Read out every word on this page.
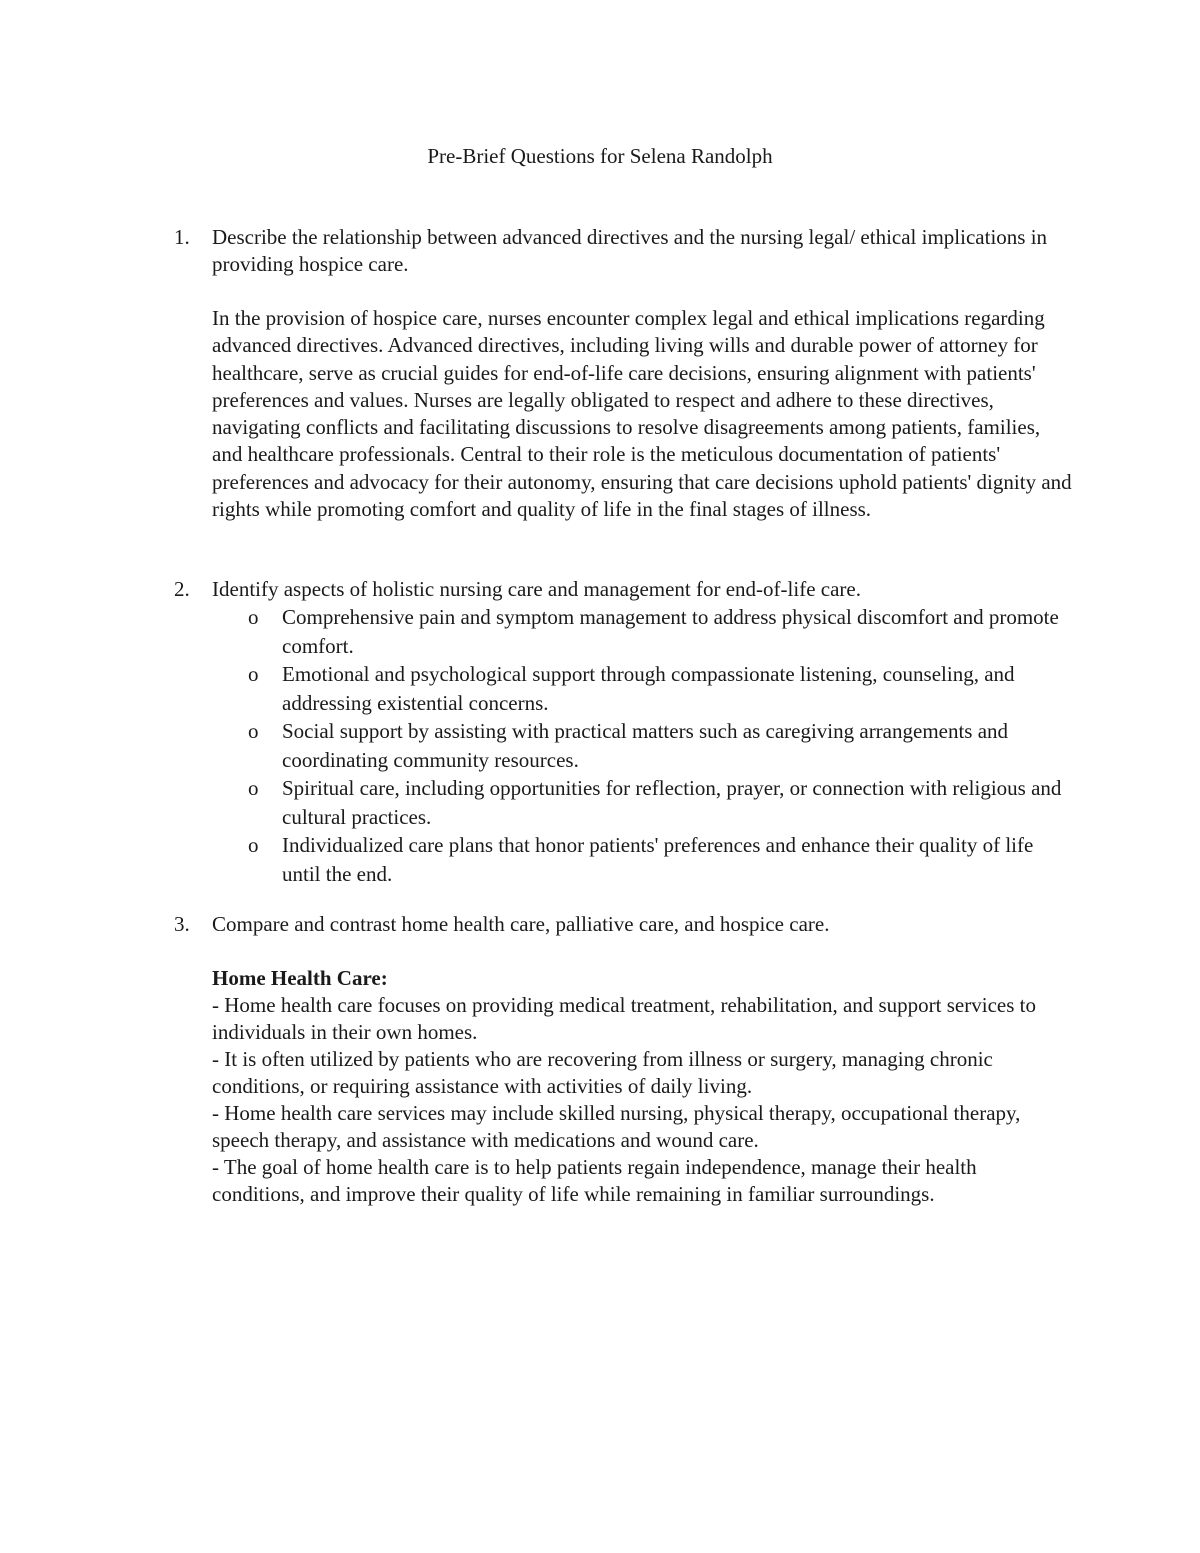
Pre-Brief Questions for Selena Randolph
1.	Describe the relationship between advanced directives and the nursing legal/ ethical implications in providing hospice care.
In the provision of hospice care, nurses encounter complex legal and ethical implications regarding advanced directives. Advanced directives, including living wills and durable power of attorney for healthcare, serve as crucial guides for end-of-life care decisions, ensuring alignment with patients' preferences and values. Nurses are legally obligated to respect and adhere to these directives, navigating conflicts and facilitating discussions to resolve disagreements among patients, families, and healthcare professionals. Central to their role is the meticulous documentation of patients' preferences and advocacy for their autonomy, ensuring that care decisions uphold patients' dignity and rights while promoting comfort and quality of life in the final stages of illness.
2.	Identify aspects of holistic nursing care and management for end-of-life care.
o Comprehensive pain and symptom management to address physical discomfort and promote comfort.
o Emotional and psychological support through compassionate listening, counseling, and addressing existential concerns.
o Social support by assisting with practical matters such as caregiving arrangements and coordinating community resources.
o Spiritual care, including opportunities for reflection, prayer, or connection with religious and cultural practices.
o Individualized care plans that honor patients' preferences and enhance their quality of life until the end.
3.	Compare and contrast home health care, palliative care, and hospice care.
Home Health Care:
- Home health care focuses on providing medical treatment, rehabilitation, and support services to individuals in their own homes.
- It is often utilized by patients who are recovering from illness or surgery, managing chronic conditions, or requiring assistance with activities of daily living.
- Home health care services may include skilled nursing, physical therapy, occupational therapy, speech therapy, and assistance with medications and wound care.
- The goal of home health care is to help patients regain independence, manage their health conditions, and improve their quality of life while remaining in familiar surroundings.
